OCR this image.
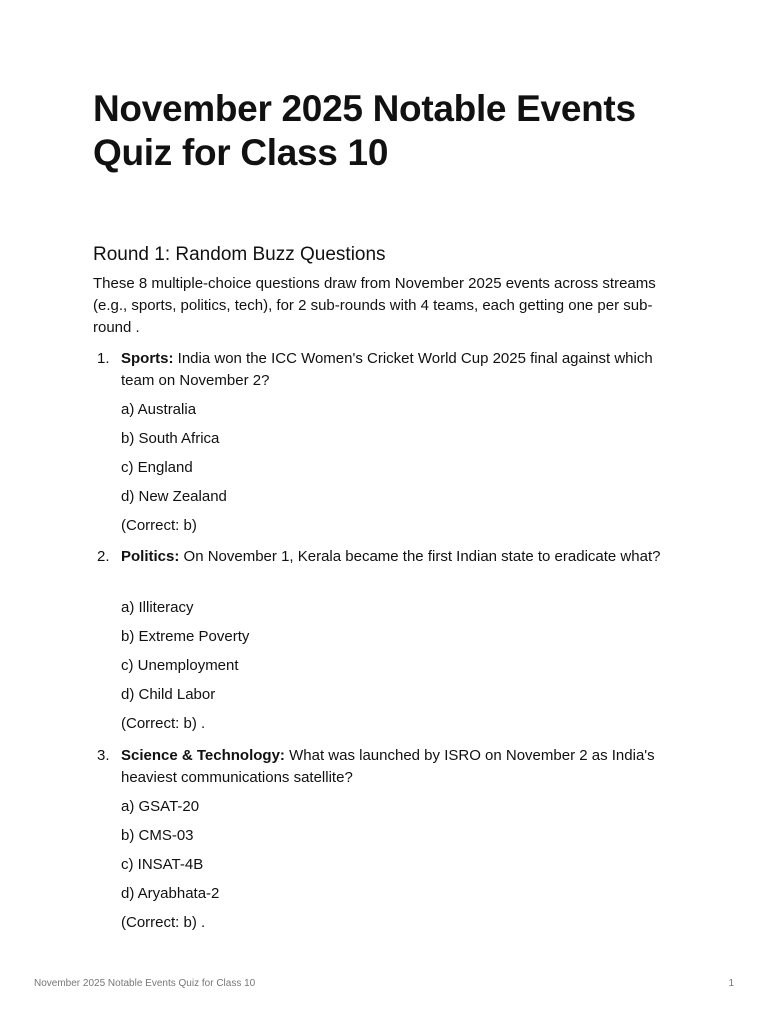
November 2025 Notable Events Quiz for Class 10
Round 1: Random Buzz Questions

These 8 multiple-choice questions draw from November 2025 events across streams (e.g., sports, politics, tech), for 2 sub-rounds with 4 teams, each getting one per sub-round .

1. Sports: India won the ICC Women's Cricket World Cup 2025 final against which team on November 2?
a) Australia
b) South Africa
c) England
d) New Zealand
(Correct: b)
2. Politics: On November 1, Kerala became the first Indian state to eradicate what?
a) Illiteracy
b) Extreme Poverty
c) Unemployment
d) Child Labor
(Correct: b) .
3. Science & Technology: What was launched by ISRO on November 2 as India's heaviest communications satellite?
a) GSAT-20
b) CMS-03
c) INSAT-4B
d) Aryabhata-2
(Correct: b) .
November 2025 Notable Events Quiz for Class 10	1
